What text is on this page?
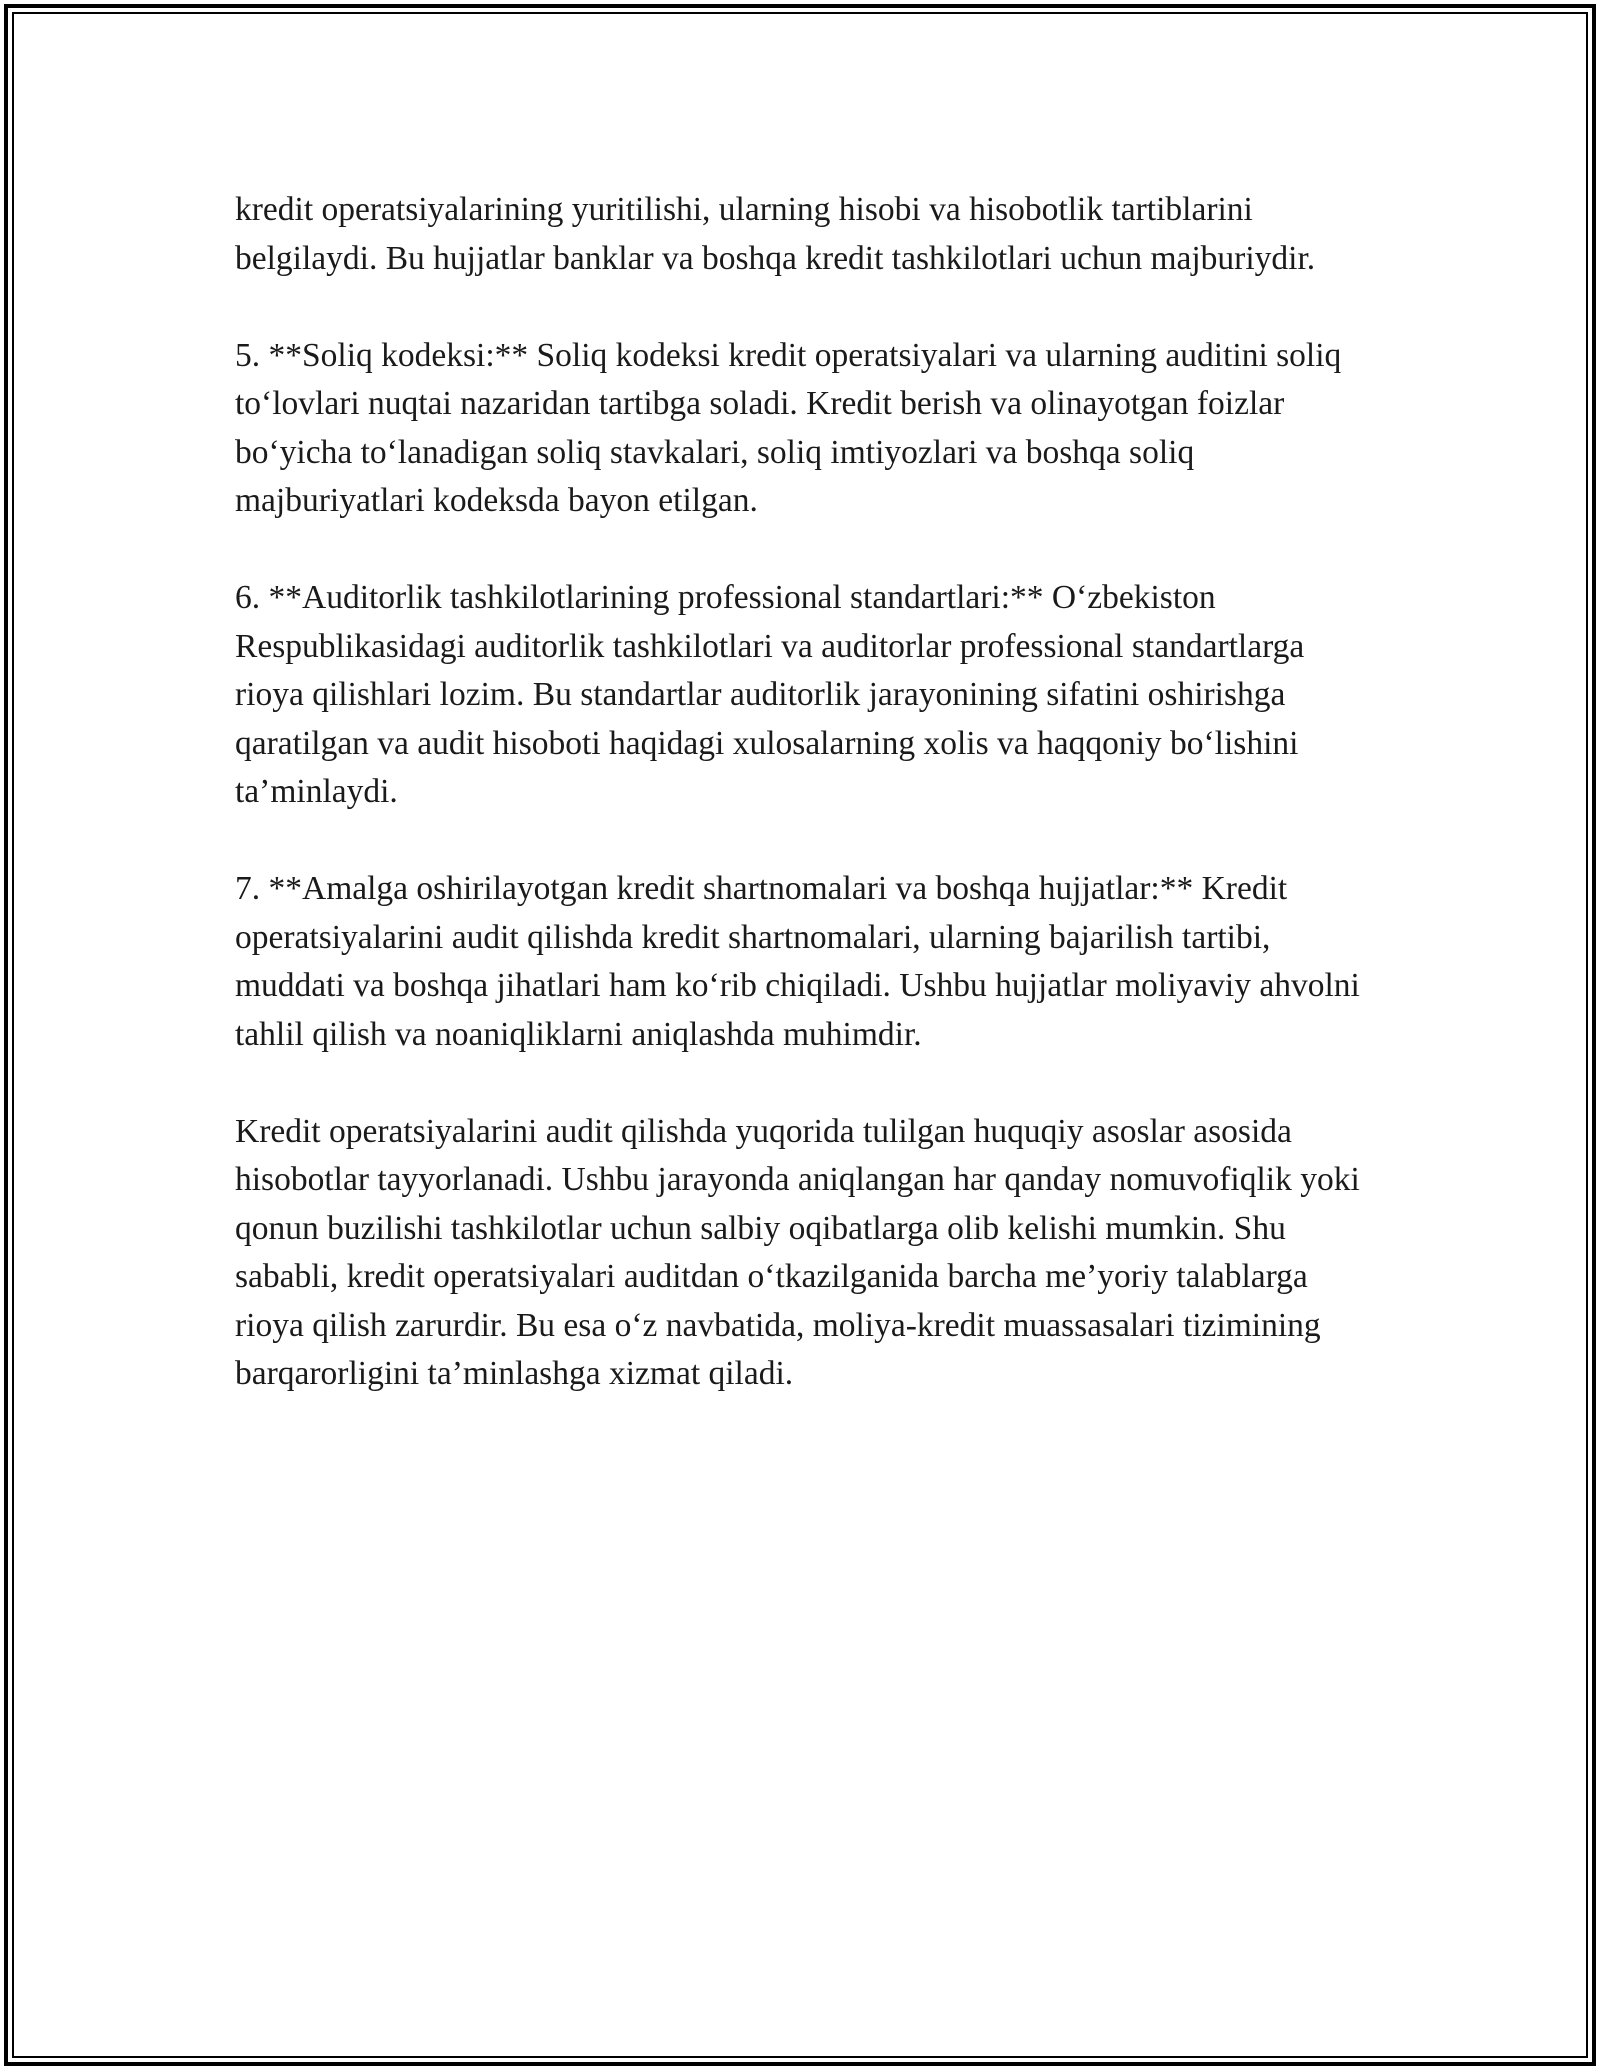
kredit operatsiyalarining yuritilishi, ularning hisobi va hisobotlik tartiblarini belgilaydi. Bu hujjatlar banklar va boshqa kredit tashkilotlari uchun majburiydir.

5. **Soliq kodeksi:** Soliq kodeksi kredit operatsiyalari va ularning auditini soliq to‘lovlari nuqtai nazaridan tartibga soladi. Kredit berish va olinayotgan foizlar bo‘yicha to‘lanadigan soliq stavkalari, soliq imtiyozlari va boshqa soliq majburiyatlari kodeksda bayon etilgan.

6. **Auditorlik tashkilotlarining professional standartlari:** O‘zbekiston Respublikasidagi auditorlik tashkilotlari va auditorlar professional standartlarga rioya qilishlari lozim. Bu standartlar auditorlik jarayonining sifatini oshirishga qaratilgan va audit hisoboti haqidagi xulosalarning xolis va haqqoniy bo‘lishini ta’minlaydi.

7. **Amalga oshirilayotgan kredit shartnomalari va boshqa hujjatlar:** Kredit operatsiyalarini audit qilishda kredit shartnomalari, ularning bajarilish tartibi, muddati va boshqa jihatlari ham ko‘rib chiqiladi. Ushbu hujjatlar moliyaviy ahvolni tahlil qilish va noaniqliklarni aniqlashda muhimdir.

Kredit operatsiyalarini audit qilishda yuqorida tulilgan huquqiy asoslar asosida hisobotlar tayyorlanadi. Ushbu jarayonda aniqlangan har qanday nomuvofiqlik yoki qonun buzilishi tashkilotlar uchun salbiy oqibatlarga olib kelishi mumkin. Shu sababli, kredit operatsiyalari auditdan o‘tkazilganida barcha me’yoriy talablarga rioya qilish zarurdir. Bu esa o‘z navbatida, moliya-kredit muassasalari tizimining barqarorligini ta’minlashga xizmat qiladi.
